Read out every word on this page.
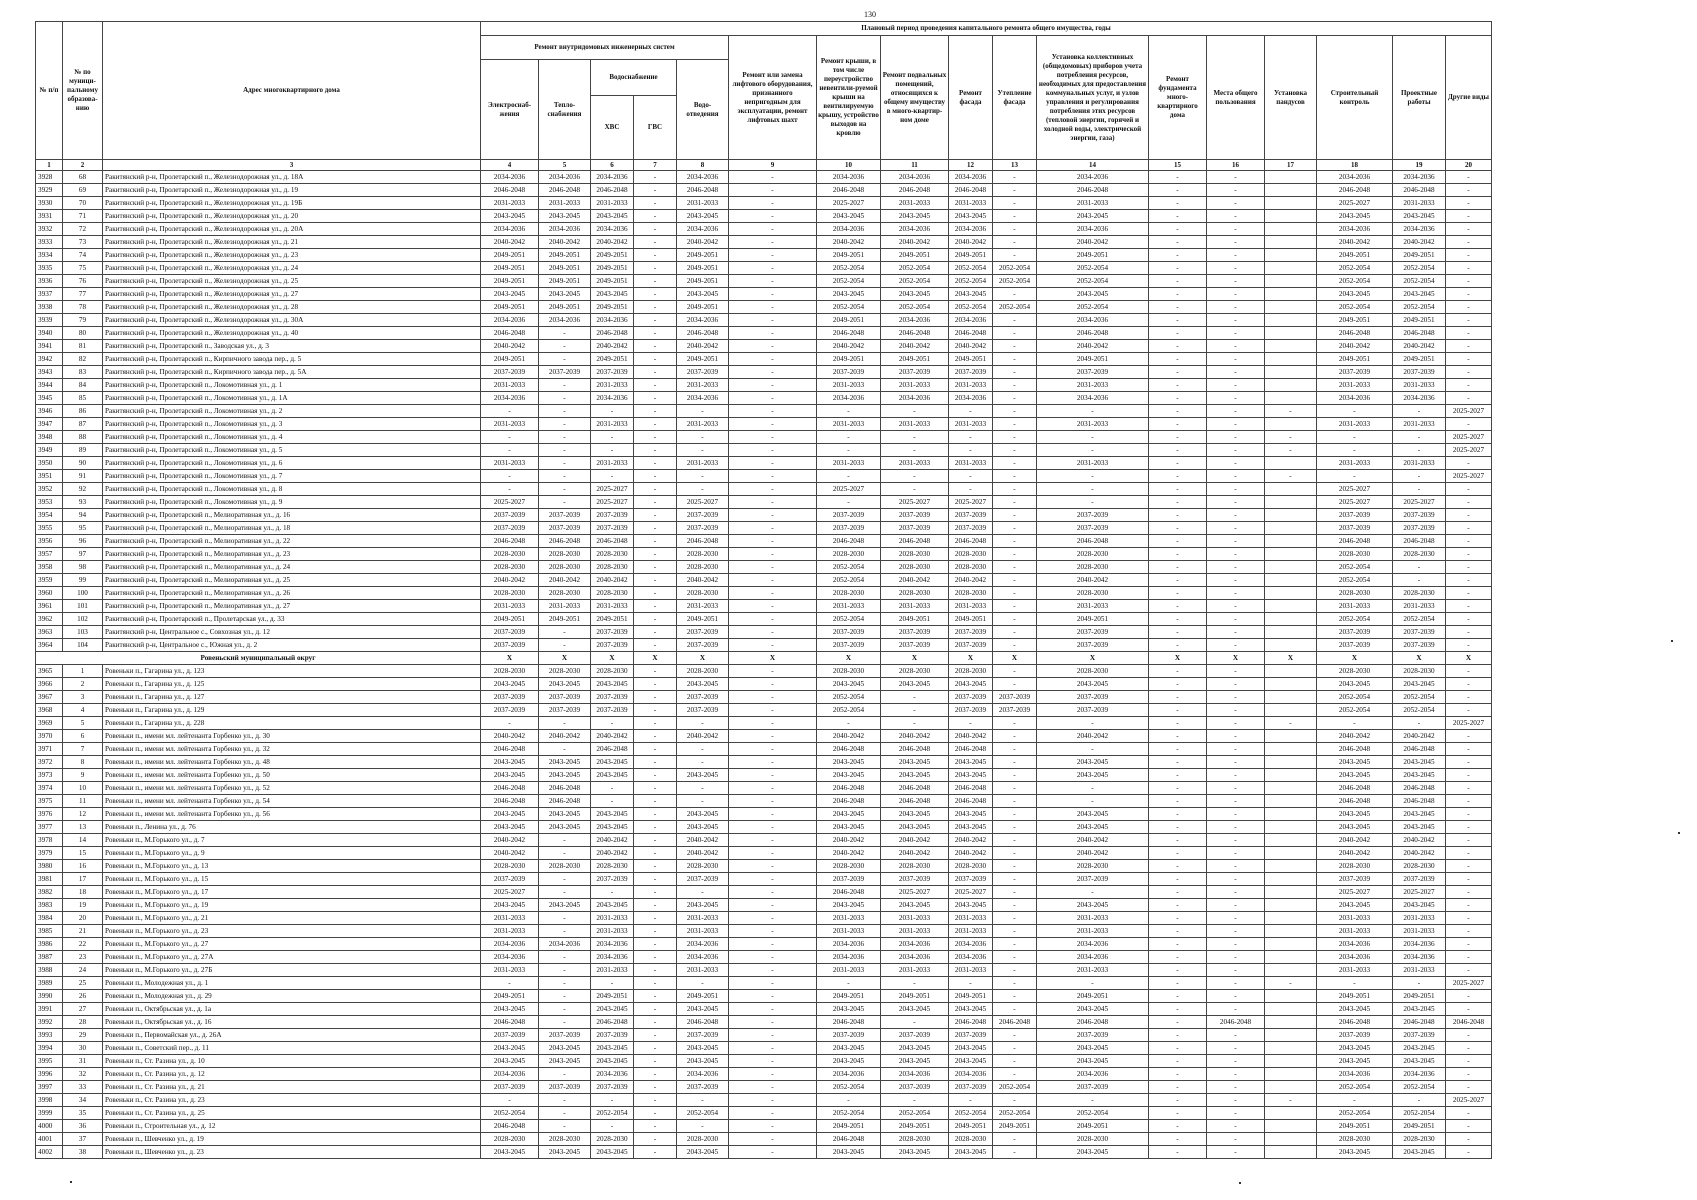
130
№ п/п	№ по муници-пальному образова-нию	Адрес многоквартирного дома	Плановый период проведения капитального ремонта общего имущества, годы																
			Ремонт внутридомовых инженерных систем					Ремонт или замена лифтового оборудования, признанного непригодным для эксплуатации, ремонт лифтовых шахт	Ремонт крыши, в том числе переустройство невентили-руемой крыши на вентилируемую крышу, устройство выходов на кровлю	Ремонт подвальных помещений, относящихся к общему имуществу в много-квартир-ном доме	Ремонт фасада	Утепление фасада	Установка коллективных (общедомовых) приборов учета потребления ресурсов, необходимых для предоставления коммунальных услуг, и узлов управления и регулирования потребления этих ресурсов (тепловой энергии, горячей и холодной воды, электрической энергии, газа)	Ремонт фундамента много-квартирного дома	Места общего пользования	Установка пандусов	Строительный контроль	Проектные работы	Другие виды
			Электроснаб-жения	Тепло-снабжения	Водоснабжение		Водо-отведения												
					ХВС	ГВС													
1	2	3	4	5	6	7	8	9	10	11	12	13	14	15	16	17	18	19	20
3928	68	Ракитянский р-н, Пролетарский п., Железнодорожная ул., д. 18А	2034-2036	2034-2036	2034-2036	-	2034-2036	-	2034-2036	2034-2036	2034-2036	-	2034-2036	-	-		2034-2036	2034-2036	-
3929	69	Ракитянский р-н, Пролетарский п., Железнодорожная ул., д. 19	2046-2048	2046-2048	2046-2048	-	2046-2048	-	2046-2048	2046-2048	2046-2048	-	2046-2048	-	-		2046-2048	2046-2048	-
3930	70	Ракитянский р-н, Пролетарский п., Железнодорожная ул., д. 19Б	2031-2033	2031-2033	2031-2033	-	2031-2033	-	2025-2027	2031-2033	2031-2033	-	2031-2033	-	-		2025-2027	2031-2033	-
3931	71	Ракитянский р-н, Пролетарский п., Железнодорожная ул., д. 20	2043-2045	2043-2045	2043-2045	-	2043-2045	-	2043-2045	2043-2045	2043-2045	-	2043-2045	-	-		2043-2045	2043-2045	-
3932	72	Ракитянский р-н, Пролетарский п., Железнодорожная ул., д. 20А	2034-2036	2034-2036	2034-2036	-	2034-2036	-	2034-2036	2034-2036	2034-2036	-	2034-2036	-	-		2034-2036	2034-2036	-
3933	73	Ракитянский р-н, Пролетарский п., Железнодорожная ул., д. 21	2040-2042	2040-2042	2040-2042	-	2040-2042	-	2040-2042	2040-2042	2040-2042	-	2040-2042	-	-		2040-2042	2040-2042	-
3934	74	Ракитянский р-н, Пролетарский п., Железнодорожная ул., д. 23	2049-2051	2049-2051	2049-2051	-	2049-2051	-	2049-2051	2049-2051	2049-2051	-	2049-2051	-	-		2049-2051	2049-2051	-
3935	75	Ракитянский р-н, Пролетарский п., Железнодорожная ул., д. 24	2049-2051	2049-2051	2049-2051	-	2049-2051	-	2052-2054	2052-2054	2052-2054	2052-2054	2052-2054	-	-		2052-2054	2052-2054	-
3936	76	Ракитянский р-н, Пролетарский п., Железнодорожная ул., д. 25	2049-2051	2049-2051	2049-2051	-	2049-2051	-	2052-2054	2052-2054	2052-2054	2052-2054	2052-2054	-	-		2052-2054	2052-2054	-
3937	77	Ракитянский р-н, Пролетарский п., Железнодорожная ул., д. 27	2043-2045	2043-2045	2043-2045	-	2043-2045	-	2043-2045	2043-2045	2043-2045	-	2043-2045	-	-		2043-2045	2043-2045	-
3938	78	Ракитянский р-н, Пролетарский п., Железнодорожная ул., д. 28	2049-2051	2049-2051	2049-2051	-	2049-2051	-	2052-2054	2052-2054	2052-2054	2052-2054	2052-2054	-	-		2052-2054	2052-2054	-
3939	79	Ракитянский р-н, Пролетарский п., Железнодорожная ул., д. 30А	2034-2036	2034-2036	2034-2036	-	2034-2036	-	2049-2051	2034-2036	2034-2036	-	2034-2036	-	-		2049-2051	2049-2051	-
3940	80	Ракитянский р-н, Пролетарский п., Железнодорожная ул., д. 40	2046-2048	-	2046-2048	-	2046-2048	-	2046-2048	2046-2048	2046-2048	-	2046-2048	-	-		2046-2048	2046-2048	-
3941	81	Ракитянский р-н, Пролетарский п., Заводская ул., д. 3	2040-2042	-	2040-2042	-	2040-2042	-	2040-2042	2040-2042	2040-2042	-	2040-2042	-	-		2040-2042	2040-2042	-
3942	82	Ракитянский р-н, Пролетарский п., Кирпичного завода пер., д. 5	2049-2051	-	2049-2051	-	2049-2051	-	2049-2051	2049-2051	2049-2051	-	2049-2051	-	-		2049-2051	2049-2051	-
3943	83	Ракитянский р-н, Пролетарский п., Кирпичного завода пер., д. 5А	2037-2039	2037-2039	2037-2039	-	2037-2039	-	2037-2039	2037-2039	2037-2039	-	2037-2039	-	-		2037-2039	2037-2039	-
3944	84	Ракитянский р-н, Пролетарский п., Локомотивная ул., д. 1	2031-2033	-	2031-2033	-	2031-2033	-	2031-2033	2031-2033	2031-2033	-	2031-2033	-	-		2031-2033	2031-2033	-
3945	85	Ракитянский р-н, Пролетарский п., Локомотивная ул., д. 1А	2034-2036	-	2034-2036	-	2034-2036	-	2034-2036	2034-2036	2034-2036	-	2034-2036	-	-		2034-2036	2034-2036	-
3946	86	Ракитянский р-н, Пролетарский п., Локомотивная ул., д. 2	-	-	-	-	-	-	-	-	-	-	-	-	-	-	-	-	2025-2027
3947	87	Ракитянский р-н, Пролетарский п., Локомотивная ул., д. 3	2031-2033	-	2031-2033	-	2031-2033	-	2031-2033	2031-2033	2031-2033	-	2031-2033	-	-		2031-2033	2031-2033	-
3948	88	Ракитянский р-н, Пролетарский п., Локомотивная ул., д. 4	-	-	-	-	-	-	-	-	-	-	-	-	-	-	-	-	2025-2027
3949	89	Ракитянский р-н, Пролетарский п., Локомотивная ул., д. 5	-	-	-	-	-	-	-	-	-	-	-	-	-	-	-	-	2025-2027
3950	90	Ракитянский р-н, Пролетарский п., Локомотивная ул., д. 6	2031-2033	-	2031-2033	-	2031-2033	-	2031-2033	2031-2033	2031-2033	-	2031-2033	-	-		2031-2033	2031-2033	-
3951	91	Ракитянский р-н, Пролетарский п., Локомотивная ул., д. 7	-	-	-	-	-	-	-	-	-	-	-	-	-	-	-	-	2025-2027
3952	92	Ракитянский р-н, Пролетарский п., Локомотивная ул., д. 8	-	-	2025-2027	-	-	-	2025-2027	-	-	-	-	-	-		2025-2027	-	-
3953	93	Ракитянский р-н, Пролетарский п., Локомотивная ул., д. 9	2025-2027	-	2025-2027	-	2025-2027	-	-	2025-2027	2025-2027	-	-	-	-		2025-2027	2025-2027	-
3954	94	Ракитянский р-н, Пролетарский п., Мелиоративная ул., д. 16	2037-2039	2037-2039	2037-2039	-	2037-2039	-	2037-2039	2037-2039	2037-2039	-	2037-2039	-	-		2037-2039	2037-2039	-
3955	95	Ракитянский р-н, Пролетарский п., Мелиоративная ул., д. 18	2037-2039	2037-2039	2037-2039	-	2037-2039	-	2037-2039	2037-2039	2037-2039	-	2037-2039	-	-		2037-2039	2037-2039	-
3956	96	Ракитянский р-н, Пролетарский п., Мелиоративная ул., д. 22	2046-2048	2046-2048	2046-2048	-	2046-2048	-	2046-2048	2046-2048	2046-2048	-	2046-2048	-	-		2046-2048	2046-2048	-
3957	97	Ракитянский р-н, Пролетарский п., Мелиоративная ул., д. 23	2028-2030	2028-2030	2028-2030	-	2028-2030	-	2028-2030	2028-2030	2028-2030	-	2028-2030	-	-		2028-2030	2028-2030	-
3958	98	Ракитянский р-н, Пролетарский п., Мелиоративная ул., д. 24	2028-2030	2028-2030	2028-2030	-	2028-2030	-	2052-2054	2028-2030	2028-2030	-	2028-2030	-	-		2052-2054	-	-
3959	99	Ракитянский р-н, Пролетарский п., Мелиоративная ул., д. 25	2040-2042	2040-2042	2040-2042	-	2040-2042	-	2052-2054	2040-2042	2040-2042	-	2040-2042	-	-		2052-2054	-	-
3960	100	Ракитянский р-н, Пролетарский п., Мелиоративная ул., д. 26	2028-2030	2028-2030	2028-2030	-	2028-2030	-	2028-2030	2028-2030	2028-2030	-	2028-2030	-	-		2028-2030	2028-2030	-
3961	101	Ракитянский р-н, Пролетарский п., Мелиоративная ул., д. 27	2031-2033	2031-2033	2031-2033	-	2031-2033	-	2031-2033	2031-2033	2031-2033	-	2031-2033	-	-		2031-2033	2031-2033	-
3962	102	Ракитянский р-н, Пролетарский п., Пролетарская ул., д. 33	2049-2051	2049-2051	2049-2051	-	2049-2051	-	2052-2054	2049-2051	2049-2051	-	2049-2051	-	-		2052-2054	2052-2054	-
3963	103	Ракитянский р-н, Центральное с., Совхозная ул., д. 12	2037-2039	-	2037-2039	-	2037-2039	-	2037-2039	2037-2039	2037-2039	-	2037-2039	-	-		2037-2039	2037-2039	-
3964	104	Ракитянский р-н, Центральное с., Южная ул., д. 2	2037-2039	-	2037-2039	-	2037-2039	-	2037-2039	2037-2039	2037-2039	-	2037-2039	-	-		2037-2039	2037-2039	-
Ровеньский муниципальный округ			X	X	X	X	X	X	X	X	X	X	X	X	X	X	X	X	X
3965	1	Ровеньки п., Гагарина ул., д. 123	2028-2030	2028-2030	2028-2030	-	2028-2030	-	2028-2030	2028-2030	2028-2030	-	2028-2030	-	-		2028-2030	2028-2030	-
3966	2	Ровеньки п., Гагарина ул., д. 125	2043-2045	2043-2045	2043-2045	-	2043-2045	-	2043-2045	2043-2045	2043-2045	-	2043-2045	-	-		2043-2045	2043-2045	-
3967	3	Ровеньки п., Гагарина ул., д. 127	2037-2039	2037-2039	2037-2039	-	2037-2039	-	2052-2054	-	2037-2039	2037-2039	2037-2039	-	-		2052-2054	2052-2054	-
3968	4	Ровеньки п., Гагарина ул., д. 129	2037-2039	2037-2039	2037-2039	-	2037-2039	-	2052-2054	-	2037-2039	2037-2039	2037-2039	-	-		2052-2054	2052-2054	-
3969	5	Ровеньки п., Гагарина ул., д. 228	-	-	-	-	-	-	-	-	-	-	-	-	-	-	-	-	2025-2027
3970	6	Ровеньки п., имени мл. лейтенанта Горбенко ул., д. 30	2040-2042	2040-2042	2040-2042	-	2040-2042	-	2040-2042	2040-2042	2040-2042	-	2040-2042	-	-		2040-2042	2040-2042	-
3971	7	Ровеньки п., имени мл. лейтенанта Горбенко ул., д. 32	2046-2048	-	2046-2048	-	-	-	2046-2048	2046-2048	2046-2048	-	-	-	-		2046-2048	2046-2048	-
3972	8	Ровеньки п., имени мл. лейтенанта Горбенко ул., д. 48	2043-2045	2043-2045	2043-2045	-	-	-	2043-2045	2043-2045	2043-2045	-	2043-2045	-	-		2043-2045	2043-2045	-
3973	9	Ровеньки п., имени мл. лейтенанта Горбенко ул., д. 50	2043-2045	2043-2045	2043-2045	-	2043-2045	-	2043-2045	2043-2045	2043-2045	-	2043-2045	-	-		2043-2045	2043-2045	-
3974	10	Ровеньки п., имени мл. лейтенанта Горбенко ул., д. 52	2046-2048	2046-2048	-	-	-	-	2046-2048	2046-2048	2046-2048	-	-	-	-		2046-2048	2046-2048	-
3975	11	Ровеньки п., имени мл. лейтенанта Горбенко ул., д. 54	2046-2048	2046-2048	-	-	-	-	2046-2048	2046-2048	2046-2048	-	-	-	-		2046-2048	2046-2048	-
3976	12	Ровеньки п., имени мл. лейтенанта Горбенко ул., д. 56	2043-2045	2043-2045	2043-2045	-	2043-2045	-	2043-2045	2043-2045	2043-2045	-	2043-2045	-	-		2043-2045	2043-2045	-
3977	13	Ровеньки п., Ленина ул., д. 76	2043-2045	2043-2045	2043-2045	-	2043-2045	-	2043-2045	2043-2045	2043-2045	-	2043-2045	-	-		2043-2045	2043-2045	-
3978	14	Ровеньки п., М.Горького ул., д. 7	2040-2042	-	2040-2042	-	2040-2042	-	2040-2042	2040-2042	2040-2042	-	2040-2042	-	-		2040-2042	2040-2042	-
3979	15	Ровеньки п., М.Горького ул., д. 9	2040-2042	-	2040-2042	-	2040-2042	-	2040-2042	2040-2042	2040-2042	-	2040-2042	-	-		2040-2042	2040-2042	-
3980	16	Ровеньки п., М.Горького ул., д. 13	2028-2030	2028-2030	2028-2030	-	2028-2030	-	2028-2030	2028-2030	2028-2030	-	2028-2030	-	-		2028-2030	2028-2030	-
3981	17	Ровеньки п., М.Горького ул., д. 15	2037-2039	-	2037-2039	-	2037-2039	-	2037-2039	2037-2039	2037-2039	-	2037-2039	-	-		2037-2039	2037-2039	-
3982	18	Ровеньки п., М.Горького ул., д. 17	2025-2027	-	-	-	-	-	2046-2048	2025-2027	2025-2027	-	-	-	-		2025-2027	2025-2027	-
3983	19	Ровеньки п., М.Горького ул., д. 19	2043-2045	2043-2045	2043-2045	-	2043-2045	-	2043-2045	2043-2045	2043-2045	-	2043-2045	-	-		2043-2045	2043-2045	-
3984	20	Ровеньки п., М.Горького ул., д. 21	2031-2033	-	2031-2033	-	2031-2033	-	2031-2033	2031-2033	2031-2033	-	2031-2033	-	-		2031-2033	2031-2033	-
3985	21	Ровеньки п., М.Горького ул., д. 23	2031-2033	-	2031-2033	-	2031-2033	-	2031-2033	2031-2033	2031-2033	-	2031-2033	-	-		2031-2033	2031-2033	-
3986	22	Ровеньки п., М.Горького ул., д. 27	2034-2036	2034-2036	2034-2036	-	2034-2036	-	2034-2036	2034-2036	2034-2036	-	2034-2036	-	-		2034-2036	2034-2036	-
3987	23	Ровеньки п., М.Горького ул., д. 27А	2034-2036	-	2034-2036	-	2034-2036	-	2034-2036	2034-2036	2034-2036	-	2034-2036	-	-		2034-2036	2034-2036	-
3988	24	Ровеньки п., М.Горького ул., д. 27Б	2031-2033	-	2031-2033	-	2031-2033	-	2031-2033	2031-2033	2031-2033	-	2031-2033	-	-		2031-2033	2031-2033	-
3989	25	Ровеньки п., Молодежная ул., д. 1	-	-	-	-	-	-	-	-	-	-	-	-	-	-	-	-	2025-2027
3990	26	Ровеньки п., Молодежная ул., д. 29	2049-2051	-	2049-2051	-	2049-2051	-	2049-2051	2049-2051	2049-2051	-	2049-2051	-	-		2049-2051	2049-2051	-
3991	27	Ровеньки п., Октябрьская ул., д. 1а	2043-2045	-	2043-2045	-	2043-2045	-	2043-2045	2043-2045	2043-2045	-	2043-2045	-	-		2043-2045	2043-2045	-
3992	28	Ровеньки п., Октябрьская ул., д. 16	2046-2048	-	2046-2048	-	2046-2048	-	2046-2048	-	2046-2048	2046-2048	2046-2048	-	2046-2048		2046-2048	2046-2048	2046-2048
3993	29	Ровеньки п., Первомайская ул., д. 26А	2037-2039	2037-2039	2037-2039	-	2037-2039	-	2037-2039	2037-2039	2037-2039	-	2037-2039	-	-		2037-2039	2037-2039	-
3994	30	Ровеньки п., Советский пер., д. 11	2043-2045	2043-2045	2043-2045	-	2043-2045	-	2043-2045	2043-2045	2043-2045	-	2043-2045	-	-		2043-2045	2043-2045	-
3995	31	Ровеньки п., Ст. Разина ул., д. 10	2043-2045	2043-2045	2043-2045	-	2043-2045	-	2043-2045	2043-2045	2043-2045	-	2043-2045	-	-		2043-2045	2043-2045	-
3996	32	Ровеньки п., Ст. Разина ул., д. 12	2034-2036	-	2034-2036	-	2034-2036	-	2034-2036	2034-2036	2034-2036	-	2034-2036	-	-		2034-2036	2034-2036	-
3997	33	Ровеньки п., Ст. Разина ул., д. 21	2037-2039	2037-2039	2037-2039	-	2037-2039	-	2052-2054	2037-2039	2037-2039	2052-2054	2037-2039	-	-		2052-2054	2052-2054	-
3998	34	Ровеньки п., Ст. Разина ул., д. 23	-	-	-	-	-	-	-	-	-	-	-	-	-	-	-	-	2025-2027
3999	35	Ровеньки п., Ст. Разина ул., д. 25	2052-2054	-	2052-2054	-	2052-2054	-	2052-2054	2052-2054	2052-2054	2052-2054	2052-2054	-	-		2052-2054	2052-2054	-
4000	36	Ровеньки п., Строительная ул., д. 12	2046-2048	-	-	-	-	-	2049-2051	2049-2051	2049-2051	2049-2051	2049-2051	-	-		2049-2051	2049-2051	-
4001	37	Ровеньки п., Шевченко ул., д. 19	2028-2030	2028-2030	2028-2030	-	2028-2030	-	2046-2048	2028-2030	2028-2030	-	2028-2030	-	-		2028-2030	2028-2030	-
4002	38	Ровеньки п., Шевченко ул., д. 23	2043-2045	2043-2045	2043-2045	-	2043-2045	-	2043-2045	2043-2045	2043-2045	-	2043-2045	-	-		2043-2045	2043-2045	-
